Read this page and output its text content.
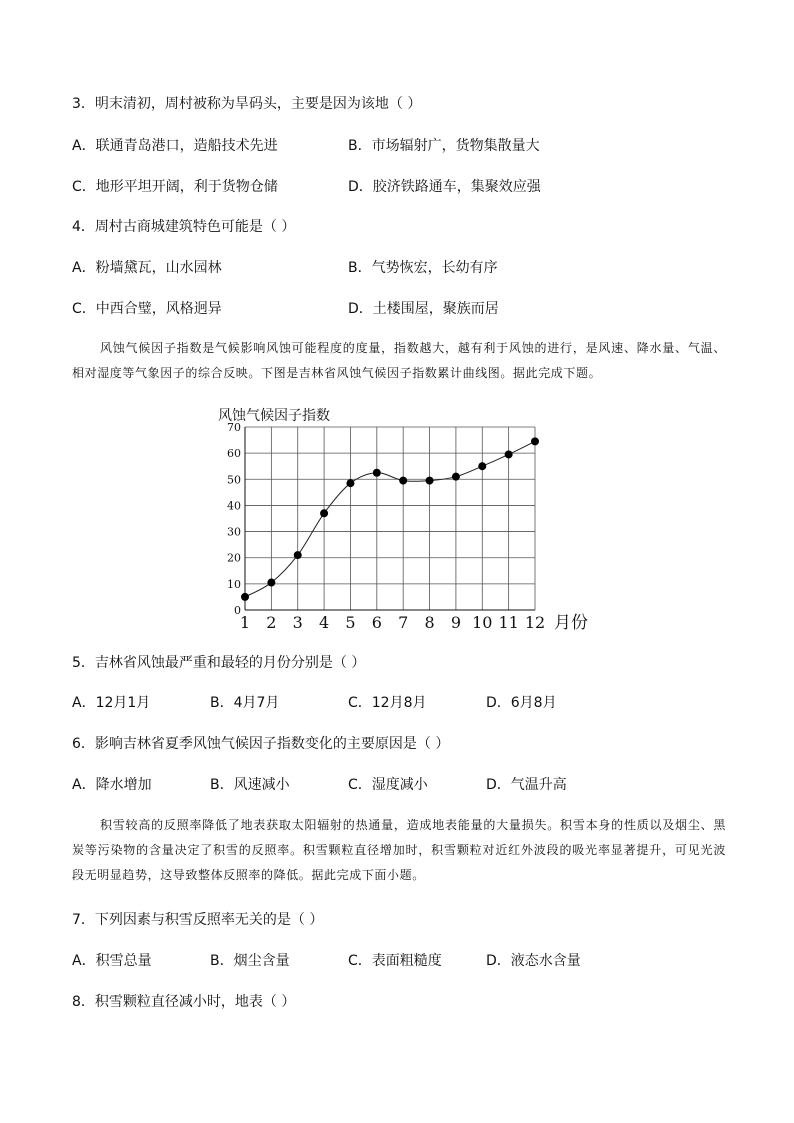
3．明末清初，周村被称为旱码头，主要是因为该地（ ）
A．联通青岛港口，造船技术先进	B．市场辐射广，货物集散量大
C．地形平坦开阔，利于货物仓储	D．胶济铁路通车，集聚效应强
4．周村古商城建筑特色可能是（ ）
A．粉墙黛瓦，山水园林	B．气势恢宏，长幼有序
C．中西合璧，风格迥异	D．土楼围屋，聚族而居
风蚀气候因子指数是气候影响风蚀可能程度的度量，指数越大，越有利于风蚀的进行，是风速、降水量、气温、相对湿度等气象因子的综合反映。下图是吉林省风蚀气候因子指数累计曲线图。据此完成下题。
0
10
20
30
40
50
60
70
1 2 3 4 5 6 7 8 9 10 11 12
风蚀气候因子指数
月份
5．吉林省风蚀最严重和最轻的月份分别是（ ）
A．12月1月	B．4月7月	C．12月8月	D．6月8月
6．影响吉林省夏季风蚀气候因子指数变化的主要原因是（ ）
A．降水增加	B．风速减小	C．湿度减小	D．气温升高
积雪较高的反照率降低了地表获取太阳辐射的热通量，造成地表能量的大量损失。积雪本身的性质以及烟尘、黑炭等污染物的含量决定了积雪的反照率。积雪颗粒直径增加时，积雪颗粒对近红外波段的吸光率显著提升，可见光波段无明显趋势，这导致整体反照率的降低。据此完成下面小题。
7．下列因素与积雪反照率无关的是（ ）
A．积雪总量	B．烟尘含量	C．表面粗糙度	D．液态水含量
8．积雪颗粒直径减小时，地表（ ）
